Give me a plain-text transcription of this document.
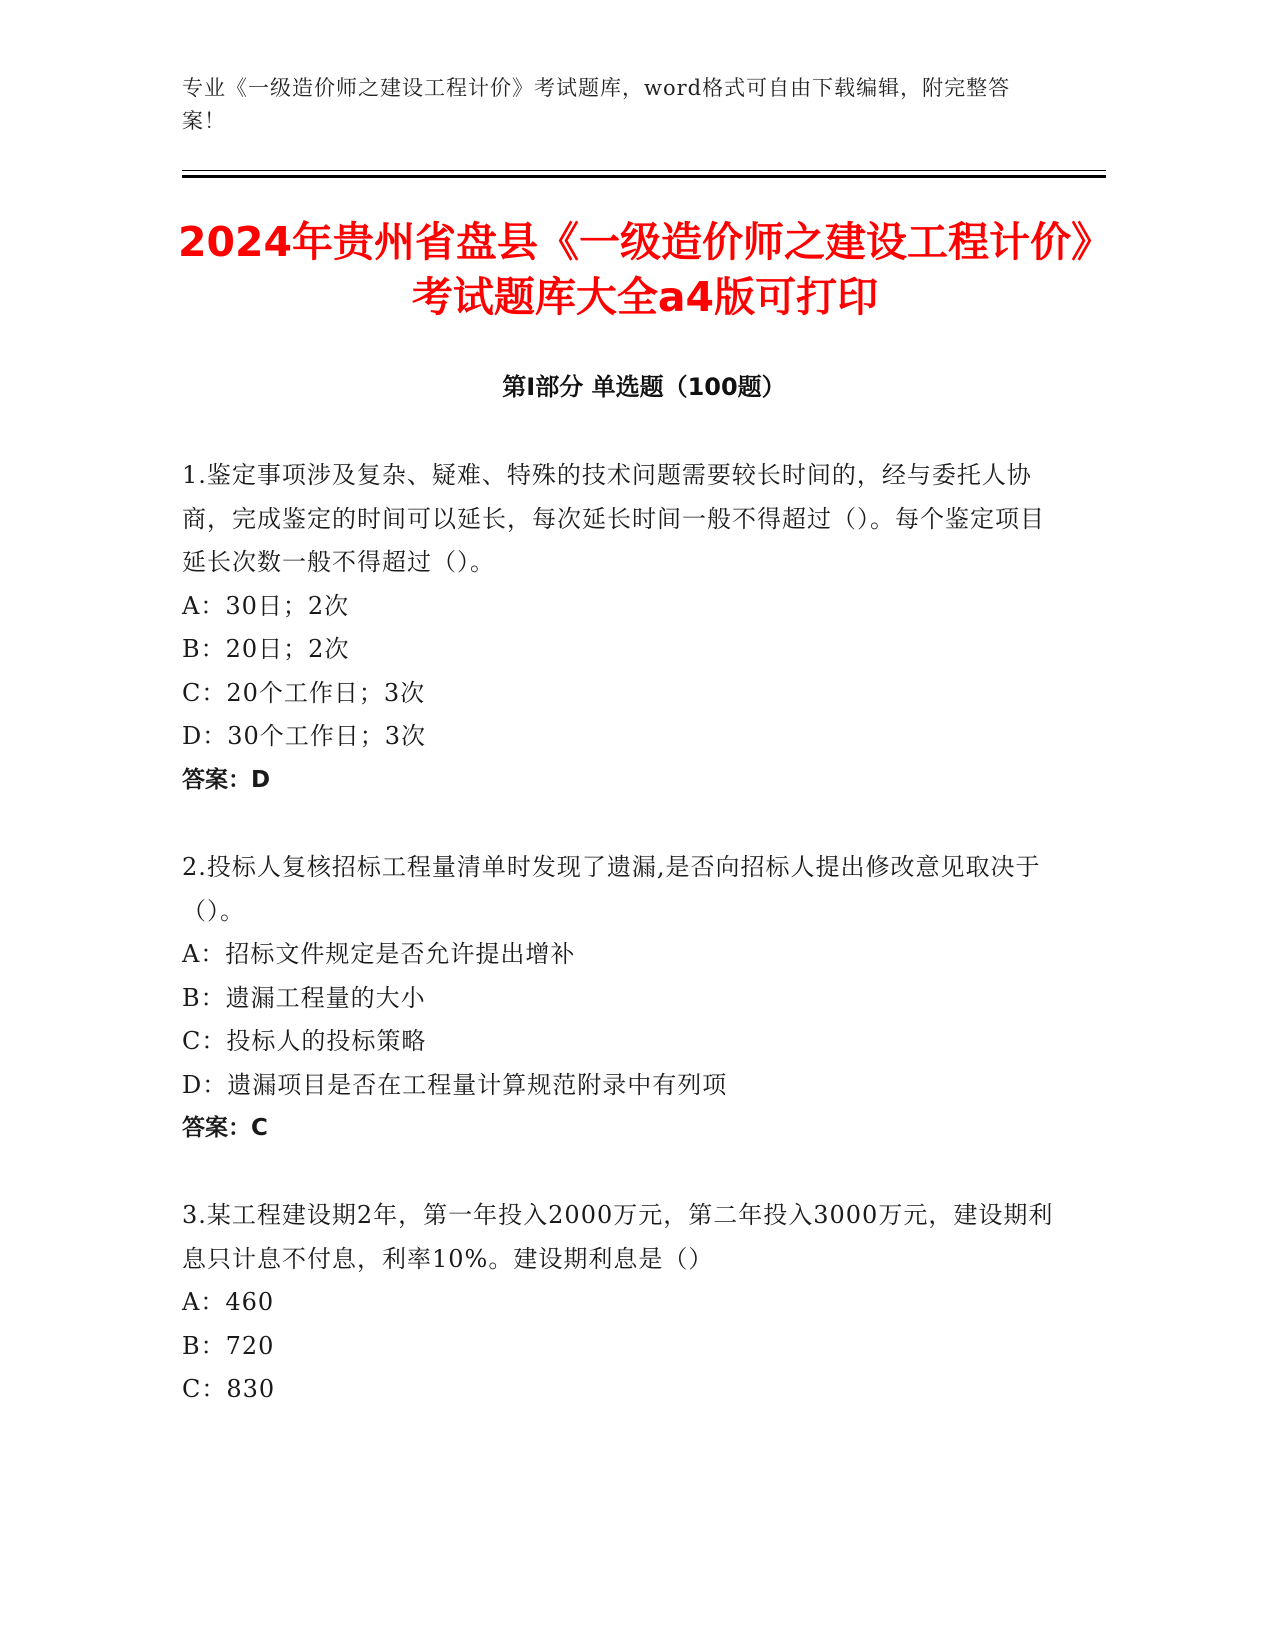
专业《一级造价师之建设工程计价》考试题库，word格式可自由下载编辑，附完整答案！
2024年贵州省盘县《一级造价师之建设工程计价》考试题库大全a4版可打印
第I部分 单选题（100题）

1.鉴定事项涉及复杂、疑难、特殊的技术问题需要较长时间的，经与委托人协商，完成鉴定的时间可以延长，每次延长时间一般不得超过（）。每个鉴定项目延长次数一般不得超过（）。

A：30日；2次

B：20日；2次

C：20个工作日；3次

D：30个工作日；3次

答案：D

2.投标人复核招标工程量清单时发现了遗漏,是否向招标人提出修改意见取决于（）。

A：招标文件规定是否允许提出增补

B：遗漏工程量的大小

C：投标人的投标策略

D：遗漏项目是否在工程量计算规范附录中有列项

答案：C

3.某工程建设期2年，第一年投入2000万元，第二年投入3000万元，建设期利息只计息不付息，利率10%。建设期利息是（）

A：460

B：720

C：830
